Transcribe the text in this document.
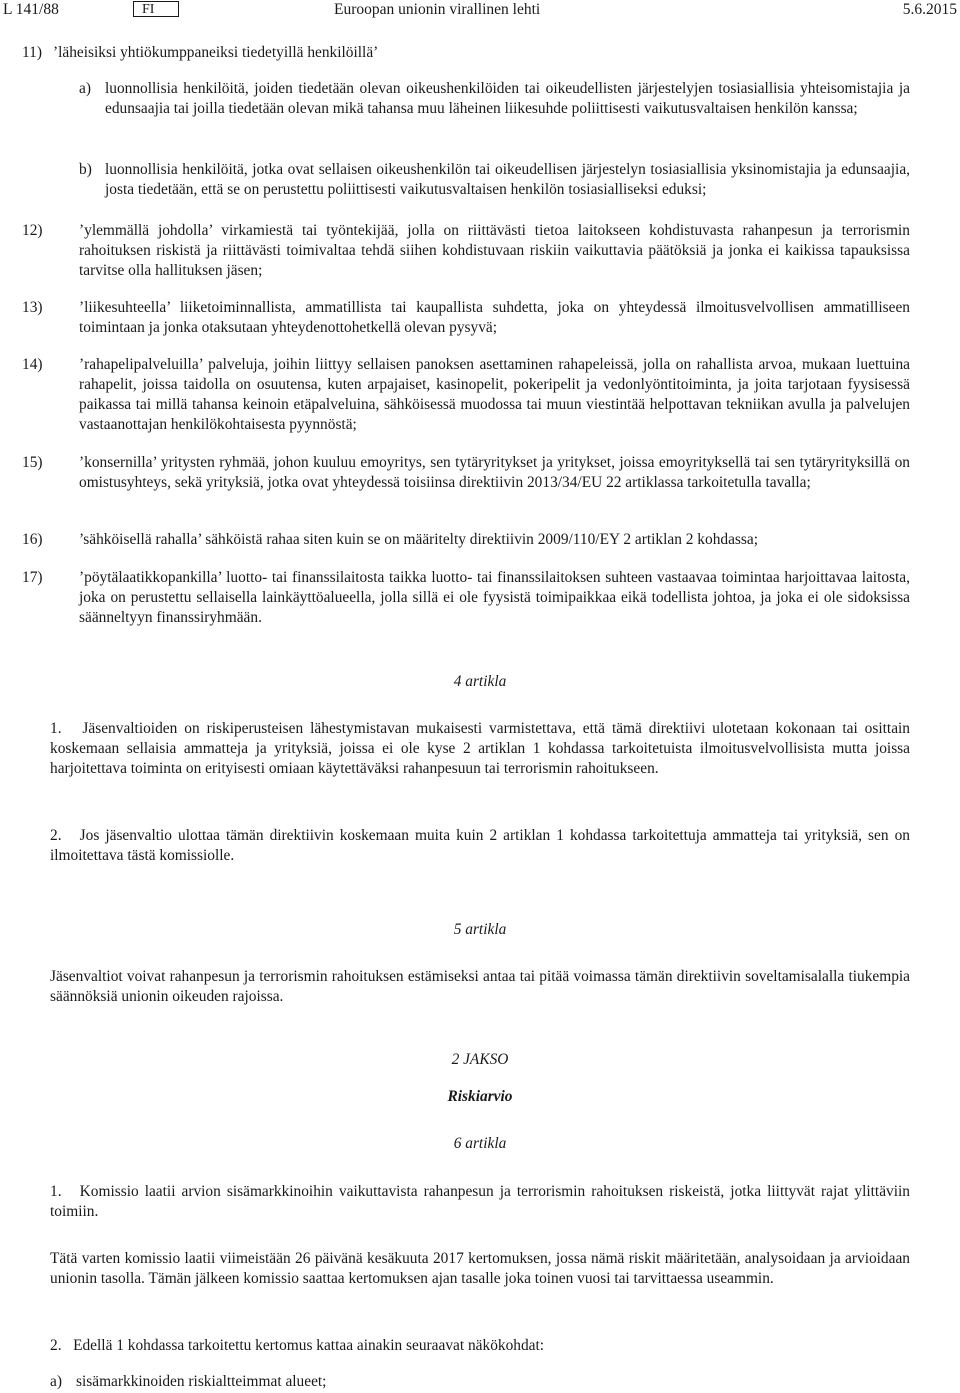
L 141/88	FI	Euroopan unionin virallinen lehti	5.6.2015
11) ’läheisiksi yhtiökumppaneiksi tiedetyillä henkilöillä’
a) luonnollisia henkilöitä, joiden tiedetään olevan oikeushenkilöiden tai oikeudellisten järjestelyjen tosiasiallisia yhteisomistajia ja edunsaajia tai joilla tiedetään olevan mikä tahansa muu läheinen liikesuhde poliittisesti vaikutusvaltaisen henkilön kanssa;
b) luonnollisia henkilöitä, jotka ovat sellaisen oikeushenkilön tai oikeudellisen järjestelyn tosiasiallisia yksinomistajia ja edunsaajia, josta tiedetään, että se on perustettu poliittisesti vaikutusvaltaisen henkilön tosiasialliseksi eduksi;
12) ’ylemmällä johdolla’ virkamiestä tai työntekijää, jolla on riittävästi tietoa laitokseen kohdistuvasta rahanpesun ja terrorismin rahoituksen riskistä ja riittävästi toimivaltaa tehdä siihen kohdistuvaan riskiin vaikuttavia päätöksiä ja jonka ei kaikissa tapauksissa tarvitse olla hallituksen jäsen;
13) ’liikesuhteella’ liiketoiminnallista, ammatillista tai kaupallista suhdetta, joka on yhteydessä ilmoitusvelvollisen ammatilliseen toimintaan ja jonka otaksutaan yhteydenottohetkellä olevan pysyvä;
14) ’rahapelipalveluilla’ palveluja, joihin liittyy sellaisen panoksen asettaminen rahapeleissä, jolla on rahallista arvoa, mukaan luettuina rahapelit, joissa taidolla on osuutensa, kuten arpajaiset, kasinopelit, pokeripelit ja vedonlyöntitoiminta, ja joita tarjotaan fyysisessä paikassa tai millä tahansa keinoin etäpalveluina, sähköisessä muodossa tai muun viestintää helpottavan tekniikan avulla ja palvelujen vastaanottajan henkilökohtaisesta pyynnöstä;
15) ’konsernilla’ yritysten ryhmää, johon kuuluu emoyritys, sen tytäryritykset ja yritykset, joissa emoyrityksellä tai sen tytäryrityksillä on omistusyhteys, sekä yrityksiä, jotka ovat yhteydessä toisiinsa direktiivin 2013/34/EU 22 artiklassa tarkoitetulla tavalla;
16) ’sähköisellä rahalla’ sähköistä rahaa siten kuin se on määritelty direktiivin 2009/110/EY 2 artiklan 2 kohdassa;
17) ’pöytälaatikkopankilla’ luotto- tai finanssilaitosta taikka luotto- tai finanssilaitoksen suhteen vastaavaa toimintaa harjoittavaa laitosta, joka on perustettu sellaisella lainkäyttöalueella, jolla sillä ei ole fyysistä toimipaikkaa eikä todellista johtoa, ja joka ei ole sidoksissa säänneltyyn finanssiryhmään.
4 artikla
1.   Jäsenvaltioiden on riskiperusteisen lähestymistavan mukaisesti varmistettava, että tämä direktiivi ulotetaan kokonaan tai osittain koskemaan sellaisia ammatteja ja yrityksiä, joissa ei ole kyse 2 artiklan 1 kohdassa tarkoitetuista ilmoitusvelvollisista mutta joissa harjoitettava toiminta on erityisesti omiaan käytettäväksi rahanpesuun tai terrorismin rahoitukseen.
2.   Jos jäsenvaltio ulottaa tämän direktiivin koskemaan muita kuin 2 artiklan 1 kohdassa tarkoitettuja ammatteja tai yrityksiä, sen on ilmoitettava tästä komissiolle.
5 artikla
Jäsenvaltiot voivat rahanpesun ja terrorismin rahoituksen estämiseksi antaa tai pitää voimassa tämän direktiivin soveltamisalalla tiukempia säännöksiä unionin oikeuden rajoissa.
2 JAKSO
Riskiarvio
6 artikla
1.   Komissio laatii arvion sisämarkkinoihin vaikuttavista rahanpesun ja terrorismin rahoituksen riskeistä, jotka liittyvät rajat ylittäviin toimiin.
Tätä varten komissio laatii viimeistään 26 päivänä kesäkuuta 2017 kertomuksen, jossa nämä riskit määritetään, analysoidaan ja arvioidaan unionin tasolla. Tämän jälkeen komissio saattaa kertomuksen ajan tasalle joka toinen vuosi tai tarvittaessa useammin.
2.   Edellä 1 kohdassa tarkoitettu kertomus kattaa ainakin seuraavat näkökohdat:
a) sisämarkkinoiden riskialtteimmat alueet;
